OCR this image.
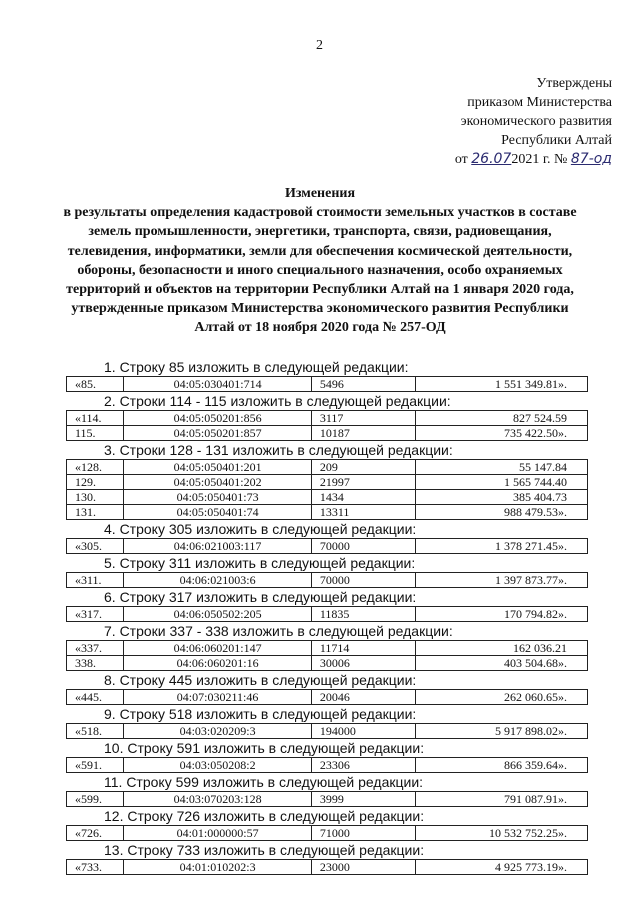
2
Утверждены
приказом Министерства
экономического развития
Республики Алтай
от 26.072021 г. № 87-од
Изменения
в результаты определения кадастровой стоимости земельных участков в составе земель промышленности, энергетики, транспорта, связи, радиовещания, телевидения, информатики, земли для обеспечения космической деятельности, обороны, безопасности и иного специального назначения, особо охраняемых территорий и объектов на территории Республики Алтай на 1 января 2020 года, утвержденные приказом Министерства экономического развития Республики Алтай от 18 ноября 2020 года № 257-ОД
1. Строку 85 изложить в следующей редакции:
«85.	04:05:030401:714	5496	1 551 349.81».
2. Строки 114 - 115 изложить в следующей редакции:
«114.	04:05:050201:856	3117	827 524.59
115.	04:05:050201:857	10187	735 422.50».
3. Строки 128 - 131 изложить в следующей редакции:
«128.	04:05:050401:201	209	55 147.84
129.	04:05:050401:202	21997	1 565 744.40
130.	04:05:050401:73	1434	385 404.73
131.	04:05:050401:74	13311	988 479.53».
4. Строку 305 изложить в следующей редакции:
«305.	04:06:021003:117	70000	1 378 271.45».
5. Строку 311 изложить в следующей редакции:
«311.	04:06:021003:6	70000	1 397 873.77».
6. Строку 317 изложить в следующей редакции:
«317.	04:06:050502:205	11835	170 794.82».
7. Строки 337 - 338 изложить в следующей редакции:
«337.	04:06:060201:147	11714	162 036.21
338.	04:06:060201:16	30006	403 504.68».
8. Строку 445 изложить в следующей редакции:
«445.	04:07:030211:46	20046	262 060.65».
9. Строку 518 изложить в следующей редакции:
«518.	04:03:020209:3	194000	5 917 898.02».
10. Строку 591 изложить в следующей редакции:
«591.	04:03:050208:2	23306	866 359.64».
11. Строку 599 изложить в следующей редакции:
«599.	04:03:070203:128	3999	791 087.91».
12. Строку 726 изложить в следующей редакции:
«726.	04:01:000000:57	71000	10 532 752.25».
13. Строку 733 изложить в следующей редакции:
«733.	04:01:010202:3	23000	4 925 773.19».
